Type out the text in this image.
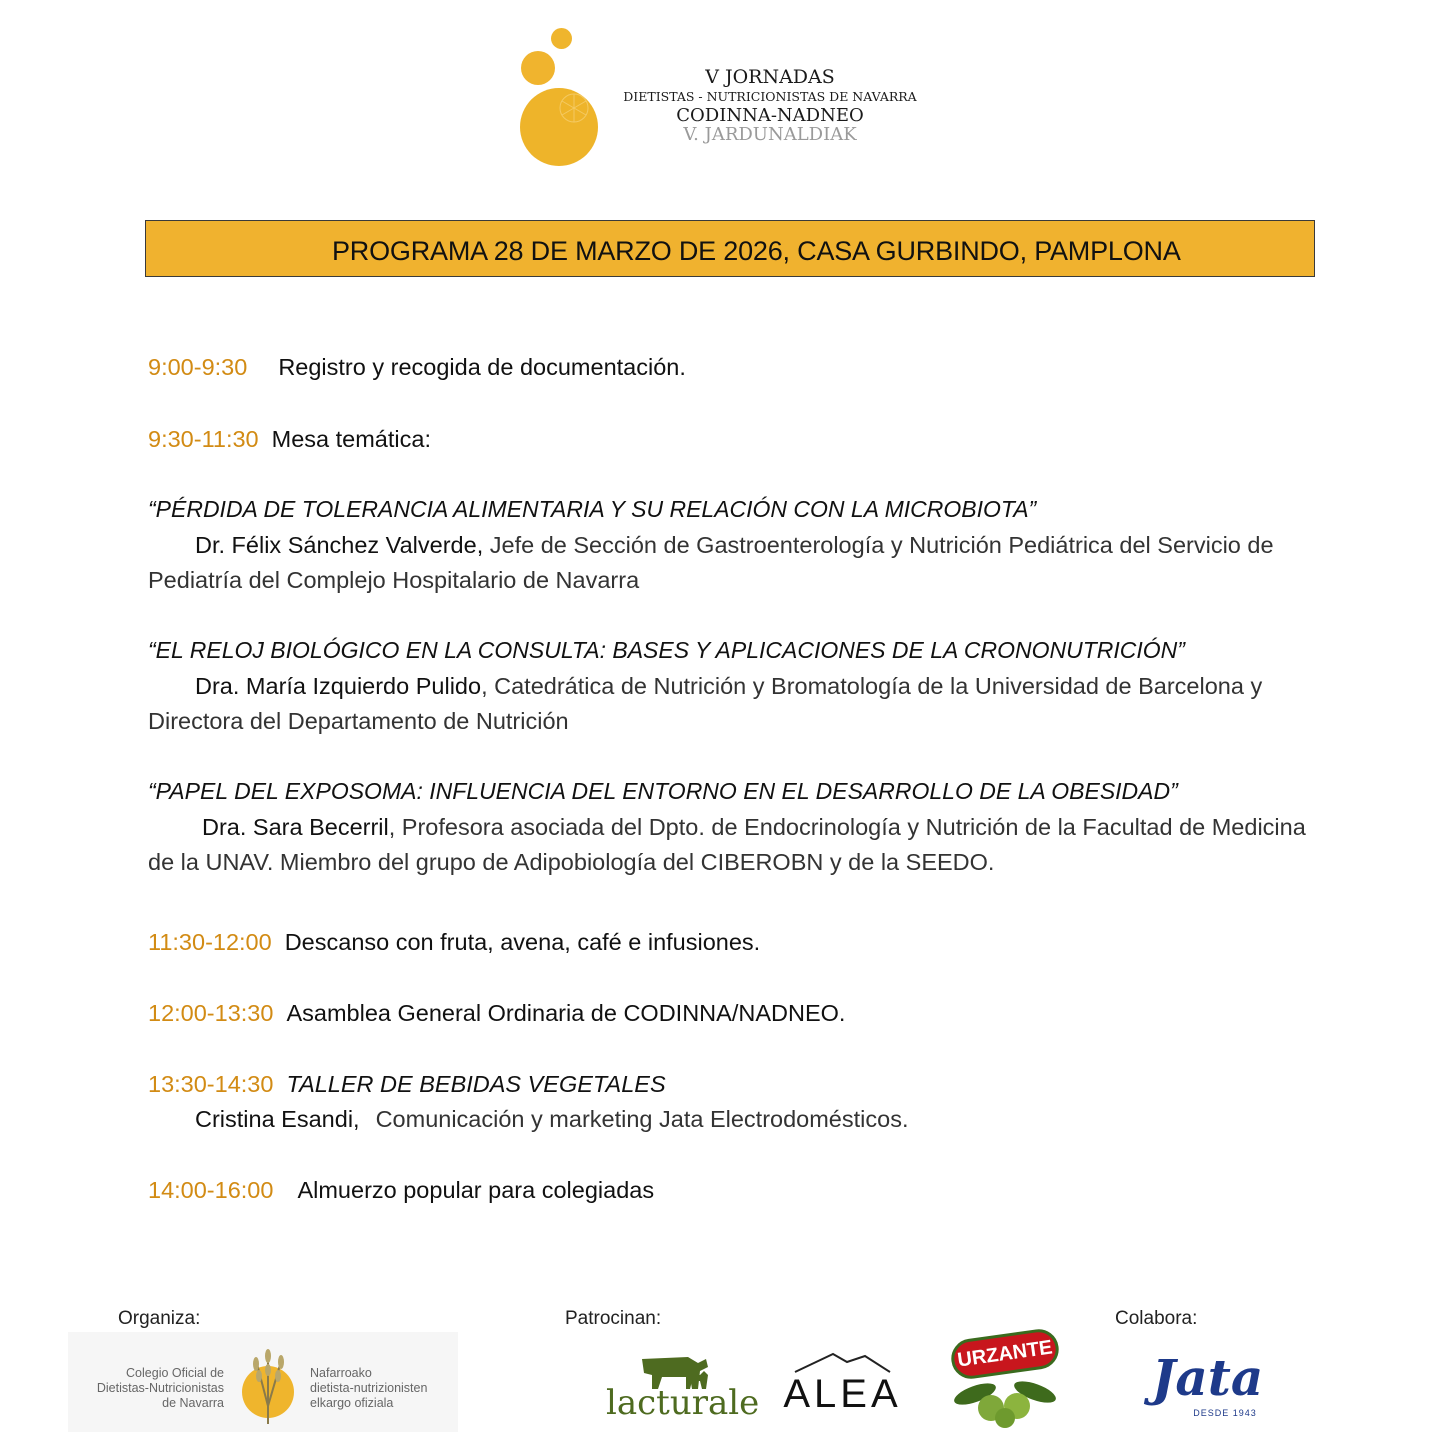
V JORNADAS
DIETISTAS - NUTRICIONISTAS DE NAVARRA
CODINNA-NADNEO
V. JARDUNALDIAK
PROGRAMA 28 DE MARZO DE 2026, CASA GURBINDO, PAMPLONA
9:00-9:30 Registro y recogida de documentación.
9:30-11:30 Mesa temática:
“PÉRDIDA DE TOLERANCIA ALIMENTARIA Y SU RELACIÓN CON LA MICROBIOTA”
Dr. Félix Sánchez Valverde, Jefe de Sección de Gastroenterología y Nutrición Pediátrica del Servicio de Pediatría del Complejo Hospitalario de Navarra
“EL RELOJ BIOLÓGICO EN LA CONSULTA: BASES Y APLICACIONES DE LA CRONONUTRICIÓN”
Dra. María Izquierdo Pulido, Catedrática de Nutrición y Bromatología de la Universidad de Barcelona y Directora del Departamento de Nutrición
“PAPEL DEL EXPOSOMA: INFLUENCIA DEL ENTORNO EN EL DESARROLLO DE LA OBESIDAD”
Dra. Sara Becerril, Profesora asociada del Dpto. de Endocrinología y Nutrición de la Facultad de Medicina de la UNAV. Miembro del grupo de Adipobiología del CIBEROBN y de la SEEDO.
11:30-12:00 Descanso con fruta, avena, café e infusiones.
12:00-13:30 Asamblea General Ordinaria de CODINNA/NADNEO.
13:30-14:30 TALLER DE BEBIDAS VEGETALES
Cristina Esandi, Comunicación y marketing Jata Electrodomésticos.
14:00-16:00 Almuerzo popular para colegiadas
Organiza:	Patrocinan:	Colabora:
Colegio Oficial de
Dietistas-Nutricionistas
de Navarra
Nafarroako
dietista-nutrizionisten
elkargo ofiziala	lacturale ALEA
URZANTE Jata
DESDE 1943
